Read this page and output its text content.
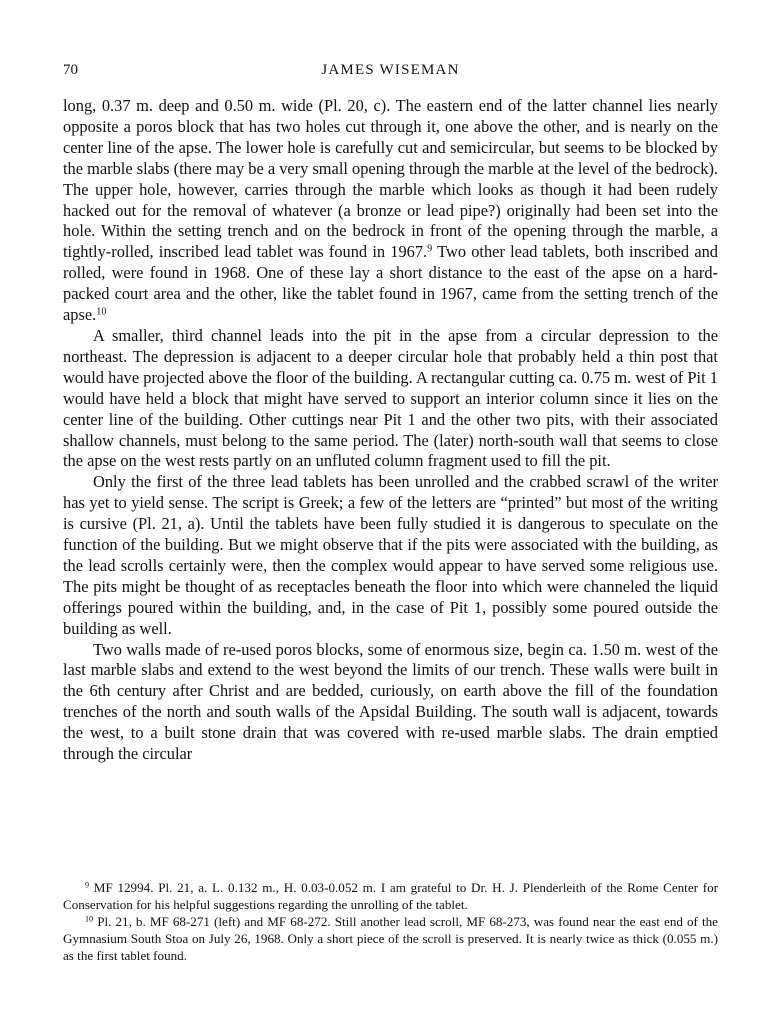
70	JAMES WISEMAN

long, 0.37 m. deep and 0.50 m. wide (Pl. 20, c). The eastern end of the latter channel lies nearly opposite a poros block that has two holes cut through it, one above the other, and is nearly on the center line of the apse. The lower hole is carefully cut and semicircular, but seems to be blocked by the marble slabs (there may be a very small opening through the marble at the level of the bedrock). The upper hole, however, carries through the marble which looks as though it had been rudely hacked out for the removal of whatever (a bronze or lead pipe?) originally had been set into the hole. Within the setting trench and on the bedrock in front of the opening through the marble, a tightly-rolled, inscribed lead tablet was found in 1967.$^9$ Two other lead tablets, both inscribed and rolled, were found in 1968. One of these lay a short distance to the east of the apse on a hard-packed court area and the other, like the tablet found in 1967, came from the setting trench of the apse.$^{10}$

A smaller, third channel leads into the pit in the apse from a circular depression to the northeast. The depression is adjacent to a deeper circular hole that probably held a thin post that would have projected above the floor of the building. A rectangular cutting ca. 0.75 m. west of Pit 1 would have held a block that might have served to support an interior column since it lies on the center line of the building. Other cuttings near Pit 1 and the other two pits, with their associated shallow channels, must belong to the same period. The (later) north-south wall that seems to close the apse on the west rests partly on an unfluted column fragment used to fill the pit.

Only the first of the three lead tablets has been unrolled and the crabbed scrawl of the writer has yet to yield sense. The script is Greek; a few of the letters are “printed” but most of the writing is cursive (Pl. 21, a). Until the tablets have been fully studied it is dangerous to speculate on the function of the building. But we might observe that if the pits were associated with the building, as the lead scrolls certainly were, then the complex would appear to have served some religious use. The pits might be thought of as receptacles beneath the floor into which were channeled the liquid offerings poured within the building, and, in the case of Pit 1, possibly some poured outside the building as well.

Two walls made of re-used poros blocks, some of enormous size, begin ca. 1.50 m. west of the last marble slabs and extend to the west beyond the limits of our trench. These walls were built in the 6th century after Christ and are bedded, curiously, on earth above the fill of the foundation trenches of the north and south walls of the Apsidal Building. The south wall is adjacent, towards the west, to a built stone drain that was covered with re-used marble slabs. The drain emptied through the circular

$^9$ MF 12994. Pl. 21, a. L. 0.132 m., H. 0.03-0.052 m. I am grateful to Dr. H. J. Plenderleith of the Rome Center for Conservation for his helpful suggestions regarding the unrolling of the tablet.

$^{10}$ Pl. 21, b. MF 68-271 (left) and MF 68-272. Still another lead scroll, MF 68-273, was found near the east end of the Gymnasium South Stoa on July 26, 1968. Only a short piece of the scroll is preserved. It is nearly twice as thick (0.055 m.) as the first tablet found.
